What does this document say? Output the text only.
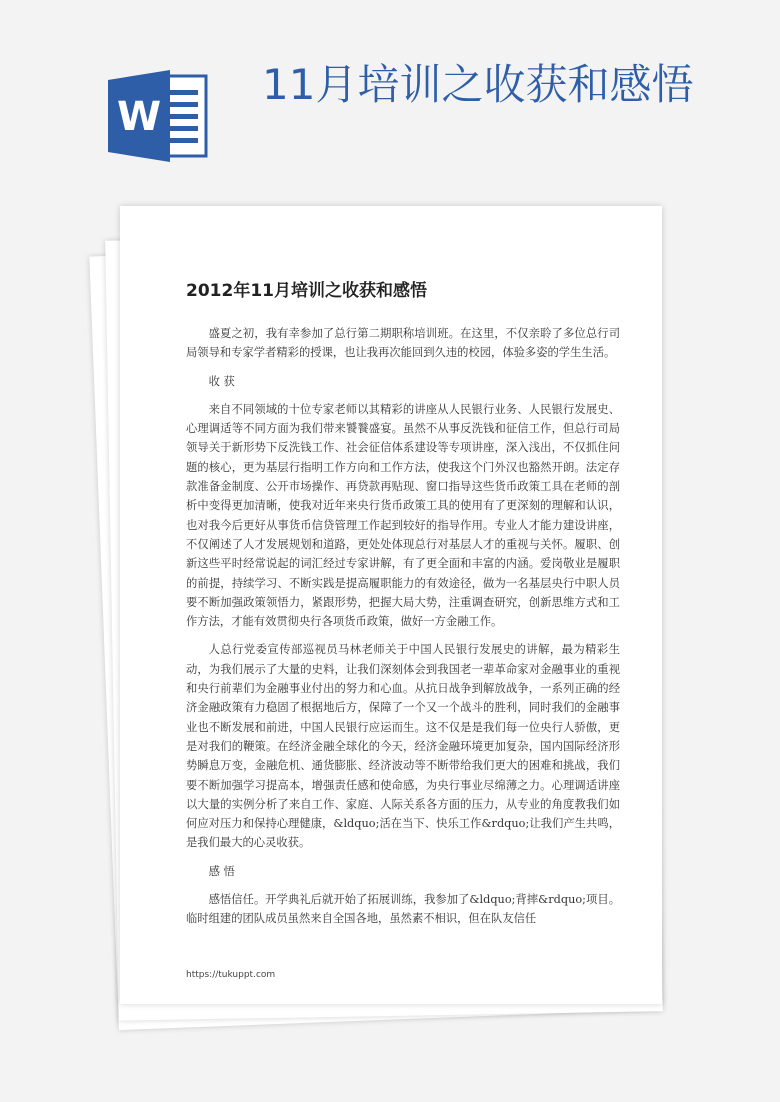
W
11月培训之收获和感悟
2012年11月培训之收获和感悟

盛夏之初，我有幸参加了总行第二期职称培训班。在这里，不仅亲聆了多位总行司局领导和专家学者精彩的授课，也让我再次能回到久违的校园，体验多姿的学生生活。

收 获

来自不同领域的十位专家老师以其精彩的讲座从人民银行业务、人民银行发展史、心理调适等不同方面为我们带来饕餮盛宴。虽然不从事反洗钱和征信工作，但总行司局领导关于新形势下反洗钱工作、社会征信体系建设等专项讲座，深入浅出，不仅抓住问题的核心，更为基层行指明工作方向和工作方法，使我这个门外汉也豁然开朗。法定存款准备金制度、公开市场操作、再贷款再贴现、窗口指导这些货币政策工具在老师的剖析中变得更加清晰，使我对近年来央行货币政策工具的使用有了更深刻的理解和认识，也对我今后更好从事货币信贷管理工作起到较好的指导作用。专业人才能力建设讲座，不仅阐述了人才发展规划和道路，更处处体现总行对基层人才的重视与关怀。履职、创新这些平时经常说起的词汇经过专家讲解，有了更全面和丰富的内涵。爱岗敬业是履职的前提，持续学习、不断实践是提高履职能力的有效途径，做为一名基层央行中职人员要不断加强政策领悟力，紧跟形势，把握大局大势，注重调查研究，创新思维方式和工作方法，才能有效贯彻央行各项货币政策，做好一方金融工作。

人总行党委宣传部巡视员马林老师关于中国人民银行发展史的讲解，最为精彩生动，为我们展示了大量的史料，让我们深刻体会到我国老一辈革命家对金融事业的重视和央行前辈们为金融事业付出的努力和心血。从抗日战争到解放战争，一系列正确的经济金融政策有力稳固了根据地后方，保障了一个又一个战斗的胜利，同时我们的金融事业也不断发展和前进，中国人民银行应运而生。这不仅是是我们每一位央行人骄傲，更是对我们的鞭策。在经济金融全球化的今天，经济金融环境更加复杂，国内国际经济形势瞬息万变，金融危机、通货膨胀、经济波动等不断带给我们更大的困难和挑战，我们要不断加强学习提高本，增强责任感和使命感，为央行事业尽绵薄之力。心理调适讲座以大量的实例分析了来自工作、家庭、人际关系各方面的压力，从专业的角度教我们如何应对压力和保持心理健康，&ldquo;活在当下、快乐工作&rdquo;让我们产生共鸣，是我们最大的心灵收获。

感 悟

感悟信任。开学典礼后就开始了拓展训练，我参加了&ldquo;背摔&rdquo;项目。临时组建的团队成员虽然来自全国各地，虽然素不相识，但在队友信任

https://tukuppt.com
